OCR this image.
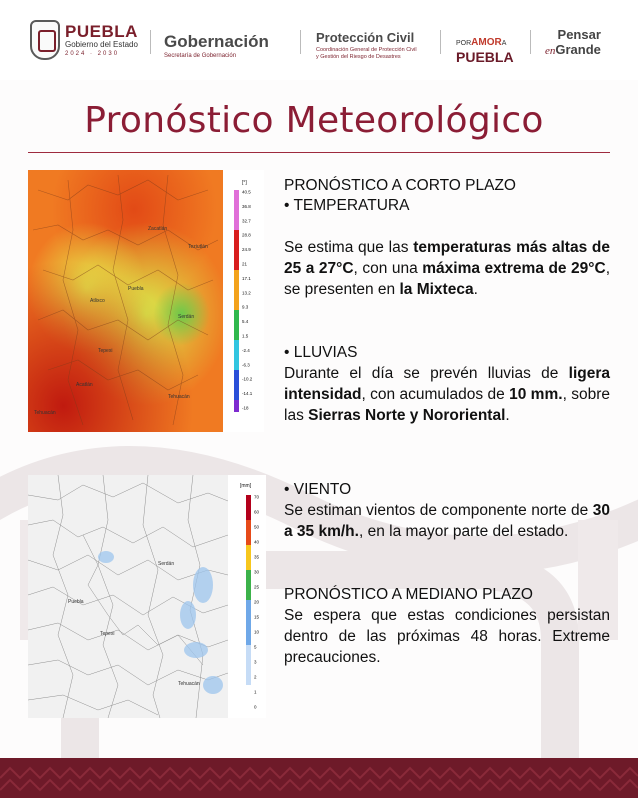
PUEBLA
Gobierno del Estado
2024 · 2030
Gobernación
Secretaría de Gobernación
Protección Civil
Coordinación General de Protección Civil
y Gestión del Riesgo de Desastres
PORAMORA
PUEBLA
Pensar
enGrande
Pronóstico Meteorológico
Tehuacán
Acatlán
Tepexi
Atlixco
Puebla
Serdán
Zacatlán
Teziutlán
Tehuacán
[°]
40.5
36.8
32.7
28.8
24.9
21
17.1
13.2
9.3
5.4
1.5
-2.4
-6.3
-10.2
-14.1
-18
Puebla
Tepexi
Serdán
Tehuacán
[mm]
70
60
50
40
35
30
25
20
15
10
5
3
2
1
0
PRONÓSTICO A CORTO PLAZO
• TEMPERATURA
Se estima que las temperaturas más altas de 25 a 27°C, con una máxima extrema de 29°C, se presenten en la Mixteca.
• LLUVIAS
Durante el día se prevén lluvias de ligera intensidad, con acumulados de 10 mm., sobre las Sierras Norte y Nororiental.
• VIENTO
Se estiman vientos de componente norte de 30 a 35 km/h., en la mayor parte del estado.
PRONÓSTICO A MEDIANO PLAZO
Se espera que estas condiciones persistan dentro de las próximas 48 horas. Extreme precauciones.
